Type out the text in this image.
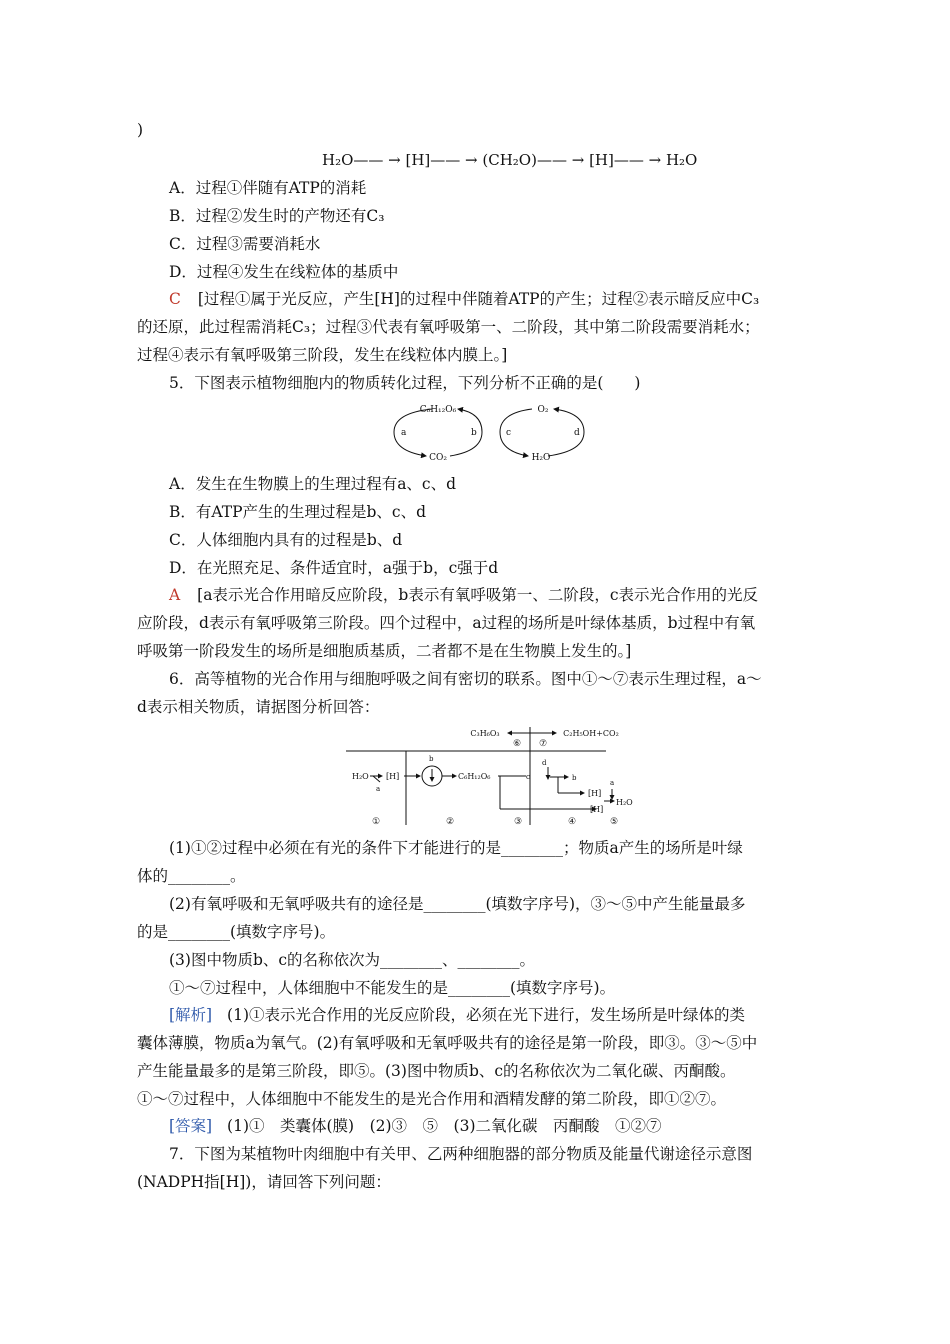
)
H₂O—— → [H]—— → (CH₂O)—— → [H]—— → H₂O
A．过程①伴随有ATP的消耗
B．过程②发生时的产物还有C₃
C．过程③需要消耗水
D．过程④发生在线粒体的基质中
C [过程①属于光反应，产生[H]的过程中伴随着ATP的产生；过程②表示暗反应中C₃
的还原，此过程需消耗C₃；过程③代表有氧呼吸第一、二阶段，其中第二阶段需要消耗水；
过程④表示有氧呼吸第三阶段，发生在线粒体内膜上。]
5．下图表示植物细胞内的物质转化过程，下列分析不正确的是(　　)
C₆H₁₂O₆
CO₂
a	b
O₂
H₂O
c	d
A．发生在生物膜上的生理过程有a、c、d
B．有ATP产生的生理过程是b、c、d
C．人体细胞内具有的过程是b、d
D．在光照充足、条件适宜时，a强于b，c强于d
A [a表示光合作用暗反应阶段，b表示有氧呼吸第一、二阶段，c表示光合作用的光反
应阶段，d表示有氧呼吸第三阶段。四个过程中，a过程的场所是叶绿体基质，b过程中有氧
呼吸第一阶段发生的场所是细胞质基质，二者都不是在生物膜上发生的。]
6．高等植物的光合作用与细胞呼吸之间有密切的联系。图中①～⑦表示生理过程，a～
d表示相关物质，请据图分析回答：
C₃H₆O₃	C₂H₅OH+CO₂
⑥ ⑦
H₂O
a
[H]
b
C₆H₁₂O₆	c
d
b
[H]
[H]
a
H₂O
①	②	③	④	⑤
(1)①②过程中必须在有光的条件下才能进行的是________；物质a产生的场所是叶绿
体的________。
(2)有氧呼吸和无氧呼吸共有的途径是________(填数字序号)，③～⑤中产生能量最多
的是________(填数字序号)。
(3)图中物质b、c的名称依次为________、________。
①～⑦过程中，人体细胞中不能发生的是________(填数字序号)。
[解析] (1)①表示光合作用的光反应阶段，必须在光下进行，发生场所是叶绿体的类
囊体薄膜，物质a为氧气。(2)有氧呼吸和无氧呼吸共有的途径是第一阶段，即③。③～⑤中
产生能量最多的是第三阶段，即⑤。(3)图中物质b、c的名称依次为二氧化碳、丙酮酸。
①～⑦过程中，人体细胞中不能发生的是光合作用和酒精发酵的第二阶段，即①②⑦。
[答案] (1)①　类囊体(膜)　(2)③　⑤　(3)二氧化碳　丙酮酸　①②⑦
7．下图为某植物叶肉细胞中有关甲、乙两种细胞器的部分物质及能量代谢途径示意图
(NADPH指[H])，请回答下列问题：
